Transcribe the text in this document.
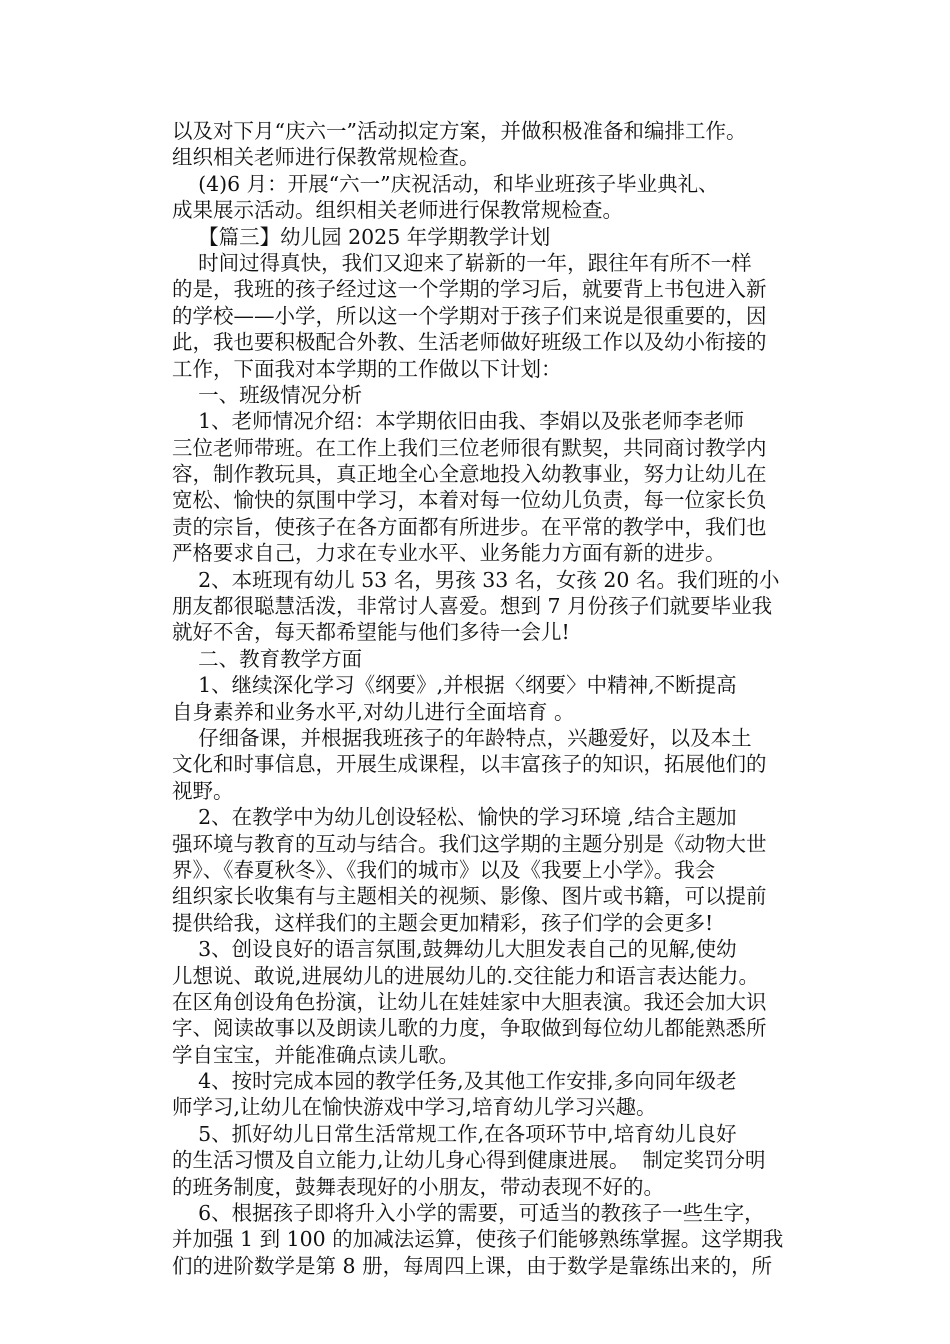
以及对下月“庆六一”活动拟定方案，并做积极准备和编排工作。
组织相关老师进行保教常规检查。
(4)6 月：开展“六一”庆祝活动，和毕业班孩子毕业典礼、
成果展示活动。组织相关老师进行保教常规检查。
【篇三】幼儿园 2025 年学期教学计划
时间过得真快，我们又迎来了崭新的一年，跟往年有所不一样
的是，我班的孩子经过这一个学期的学习后，就要背上书包进入新
的学校——小学，所以这一个学期对于孩子们来说是很重要的，因
此，我也要积极配合外教、生活老师做好班级工作以及幼小衔接的
工作，下面我对本学期的工作做以下计划：
一、班级情况分析
1、老师情况介绍：本学期依旧由我、李娟以及张老师李老师
三位老师带班。在工作上我们三位老师很有默契，共同商讨教学内
容，制作教玩具，真正地全心全意地投入幼教事业，努力让幼儿在
宽松、愉快的氛围中学习，本着对每一位幼儿负责，每一位家长负
责的宗旨，使孩子在各方面都有所进步。在平常的教学中，我们也
严格要求自己，力求在专业水平、业务能力方面有新的进步。
2、本班现有幼儿 53 名，男孩 33 名，女孩 20 名。我们班的小
朋友都很聪慧活泼，非常讨人喜爱。想到 7 月份孩子们就要毕业我
就好不舍，每天都希望能与他们多待一会儿!
二、教育教学方面
1、继续深化学习《纲要》,并根据〈纲要〉中精神,不断提高
自身素养和业务水平,对幼儿进行全面培育 。
仔细备课，并根据我班孩子的年龄特点，兴趣爱好，以及本土
文化和时事信息，开展生成课程，以丰富孩子的知识，拓展他们的
视野。
2、在教学中为幼儿创设轻松、愉快的学习环境 ,结合主题加
强环境与教育的互动与结合。我们这学期的主题分别是《动物大世
界》、《春夏秋冬》、《我们的城市》以及《我要上小学》。我会
组织家长收集有与主题相关的视频、影像、图片或书籍，可以提前
提供给我，这样我们的主题会更加精彩，孩子们学的会更多!
3、创设良好的语言氛围,鼓舞幼儿大胆发表自己的见解,使幼
儿想说、敢说,进展幼儿的进展幼儿的.交往能力和语言表达能力。
在区角创设角色扮演，让幼儿在娃娃家中大胆表演。我还会加大识
字、阅读故事以及朗读儿歌的力度，争取做到每位幼儿都能熟悉所
学自宝宝，并能准确点读儿歌。
4、按时完成本园的教学任务,及其他工作安排,多向同年级老
师学习,让幼儿在愉快游戏中学习,培育幼儿学习兴趣。
5、抓好幼儿日常生活常规工作,在各项环节中,培育幼儿良好
的生活习惯及自立能力,让幼儿身心得到健康进展。  制定奖罚分明
的班务制度，鼓舞表现好的小朋友，带动表现不好的。
6、根据孩子即将升入小学的需要，可适当的教孩子一些生字，
并加强 1 到 100 的加减法运算，使孩子们能够熟练掌握。这学期我
们的进阶数学是第 8 册，每周四上课，由于数学是靠练出来的，所
